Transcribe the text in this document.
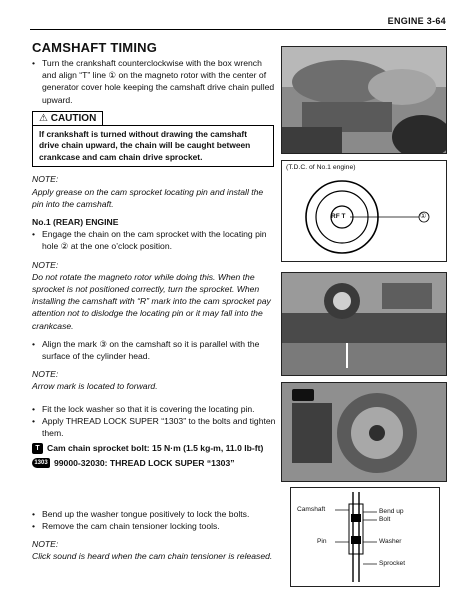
ENGINE 3-64
CAMSHAFT TIMING
• Turn the crankshaft counterclockwise with the box wrench and align “T” line ① on the magneto rotor with the center of generator cover hole keeping the camshaft drive chain pulled upward.
⚠ CAUTION
If crankshaft is turned without drawing the camshaft drive chain upward, the chain will be caught between crankcase and cam chain drive sprocket.
NOTE:
Apply grease on the cam sprocket locating pin and install the pin into the camshaft.
No.1 (REAR) ENGINE
• Engage the chain on the cam sprocket with the locating pin hole ② at the one o’clock position.
NOTE:
Do not rotate the magneto rotor while doing this. When the sprocket is not positioned correctly, turn the sprocket. When installing the camshaft with “R” mark into the cam sprocket pay attention not to dislodge the locating pin or it may fall into the crankcase.
• Align the mark ③ on the camshaft so it is parallel with the surface of the cylinder head.
NOTE:
Arrow mark is located to forward.
• Fit the lock washer so that it is covering the locating pin.
• Apply THREAD LOCK SUPER “1303” to the bolts and tighten them.
T Cam chain sprocket bolt: 15 N·m (1.5 kg-m, 11.0 lb-ft)
1303 99000-32030: THREAD LOCK SUPER “1303”
• Bend up the washer tongue positively to lock the bolts.
• Remove the cam chain tensioner locking tools.
NOTE:
Click sound is heard when the cam chain tensioner is released.
(T.D.C. of No.1 engine)
RF T	①
Camshaft	Bend up
Bolt
Pin	Washer
Sprocket
